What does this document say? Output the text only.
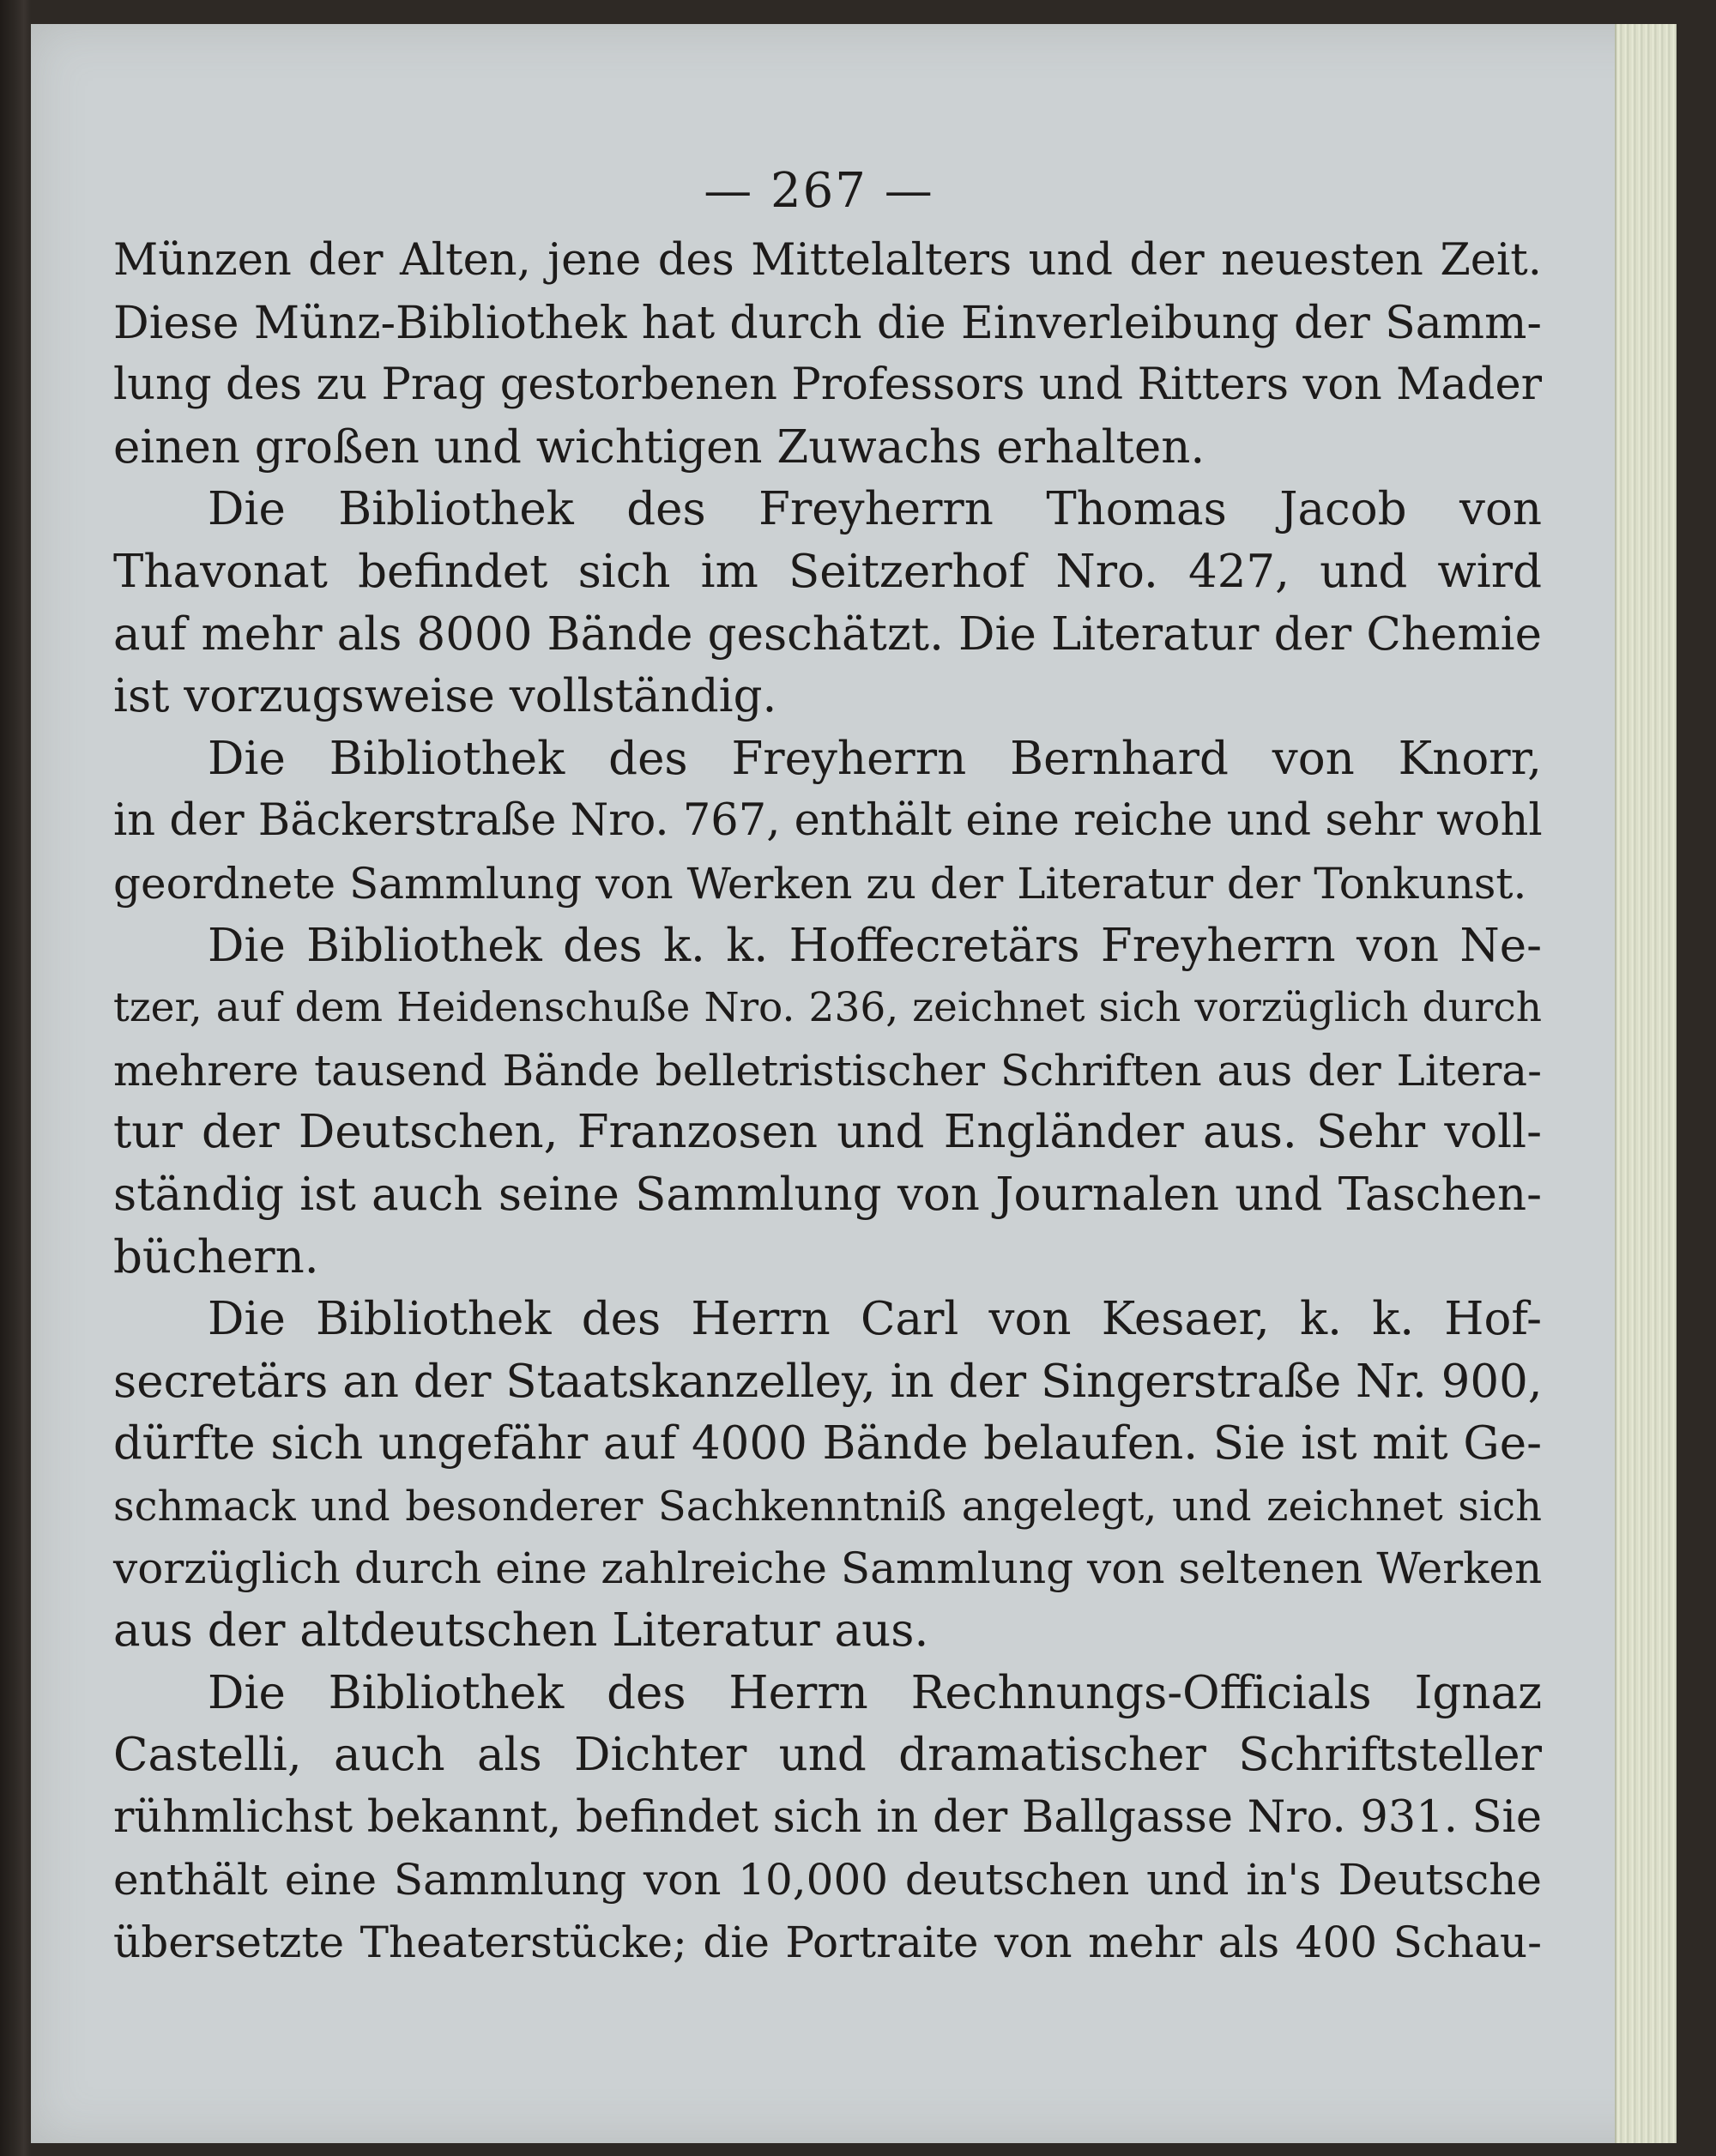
— 267 —
Münzen der Alten, jene des Mittelalters und der neuesten Zeit.
Diese Münz-Bibliothek hat durch die Einverleibung der Samm-
lung des zu Prag gestorbenen Professors und Ritters von Mader
einen großen und wichtigen Zuwachs erhalten.
Die Bibliothek des Freyherrn Thomas Jacob von
Thavonat befindet sich im Seitzerhof Nro. 427, und wird
auf mehr als 8000 Bände geschätzt. Die Literatur der Chemie
ist vorzugsweise vollständig.
Die Bibliothek des Freyherrn Bernhard von Knorr,
in der Bäckerstraße Nro. 767, enthält eine reiche und sehr wohl
geordnete Sammlung von Werken zu der Literatur der Tonkunst.
Die Bibliothek des k. k. Hoffecretärs Freyherrn von Ne-
tzer, auf dem Heidenschuße Nro. 236, zeichnet sich vorzüglich durch
mehrere tausend Bände belletristischer Schriften aus der Litera-
tur der Deutschen, Franzosen und Engländer aus. Sehr voll-
ständig ist auch seine Sammlung von Journalen und Taschen-
büchern.
Die Bibliothek des Herrn Carl von Kesaer, k. k. Hof-
secretärs an der Staatskanzelley, in der Singerstraße Nr. 900,
dürfte sich ungefähr auf 4000 Bände belaufen. Sie ist mit Ge-
schmack und besonderer Sachkenntniß angelegt, und zeichnet sich
vorzüglich durch eine zahlreiche Sammlung von seltenen Werken
aus der altdeutschen Literatur aus.
Die Bibliothek des Herrn Rechnungs-Officials Ignaz
Castelli, auch als Dichter und dramatischer Schriftsteller
rühmlichst bekannt, befindet sich in der Ballgasse Nro. 931. Sie
enthält eine Sammlung von 10,000 deutschen und in's Deutsche
übersetzte Theaterstücke; die Portraite von mehr als 400 Schau-
